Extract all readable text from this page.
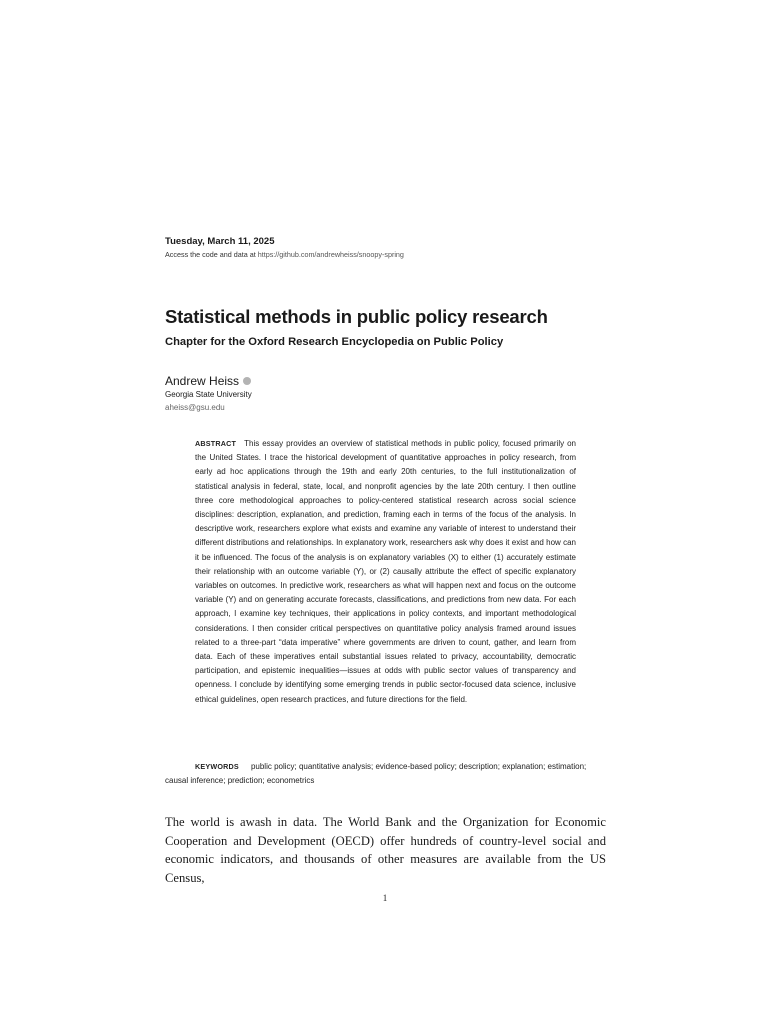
Tuesday, March 11, 2025
Access the code and data at https://github.com/andrewheiss/snoopy-spring
Statistical methods in public policy research
Chapter for the Oxford Research Encyclopedia on Public Policy
Andrew Heiss
Georgia State University
aheiss@gsu.edu
ABSTRACT This essay provides an overview of statistical methods in public policy, focused primarily on the United States. I trace the historical development of quantitative approaches in policy research, from early ad hoc applications through the 19th and early 20th centuries, to the full institutionalization of statistical analysis in federal, state, local, and nonprofit agencies by the late 20th century. I then outline three core methodological approaches to policy-centered statistical research across social science disciplines: description, explanation, and prediction, framing each in terms of the focus of the analysis. In descriptive work, researchers explore what exists and examine any variable of interest to understand their different distributions and relationships. In explanatory work, researchers ask why does it exist and how can it be influenced. The focus of the analysis is on explanatory variables (X) to either (1) accurately estimate their relationship with an outcome variable (Y), or (2) causally attribute the effect of specific explanatory variables on outcomes. In predictive work, researchers as what will happen next and focus on the outcome variable (Y) and on generating accurate forecasts, classifications, and predictions from new data. For each approach, I examine key techniques, their applications in policy contexts, and important methodological considerations. I then consider critical perspectives on quantitative policy analysis framed around issues related to a three-part “data imperative” where governments are driven to count, gather, and learn from data. Each of these imperatives entail substantial issues related to privacy, accountability, democratic participation, and epistemic inequalities—issues at odds with public sector values of transparency and openness. I conclude by identifying some emerging trends in public sector-focused data science, inclusive ethical guidelines, open research practices, and future directions for the field.
KEYWORDS public policy; quantitative analysis; evidence-based policy; description; explanation; estimation; causal inference; prediction; econometrics
The world is awash in data. The World Bank and the Organization for Economic Cooperation and Development (OECD) offer hundreds of country-level social and economic indicators, and thousands of other measures are available from the US Census,
1
